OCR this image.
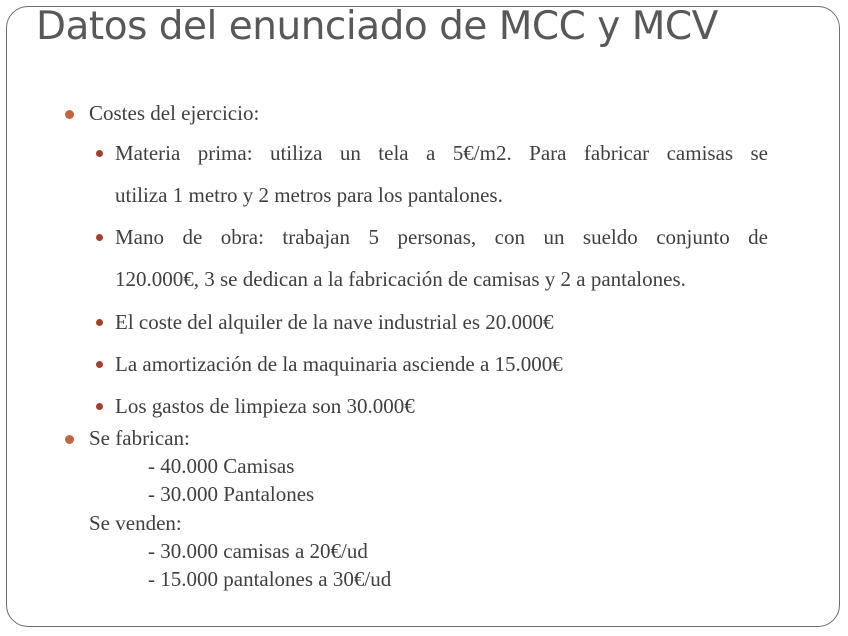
Datos del enunciado de MCC y MCV
Costes del ejercicio:
Materia prima: utiliza un tela a 5€/m2. Para fabricar camisas se
utiliza 1 metro y 2 metros para los pantalones.
Mano de obra: trabajan 5 personas, con un sueldo conjunto de
120.000€, 3 se dedican a la fabricación de camisas y 2 a pantalones.
El coste del alquiler de la nave industrial es 20.000€
La amortización de la maquinaria asciende a 15.000€
Los gastos de limpieza son 30.000€
Se fabrican:
- 40.000 Camisas
- 30.000 Pantalones
Se venden:
- 30.000 camisas a 20€/ud
- 15.000 pantalones a 30€/ud
